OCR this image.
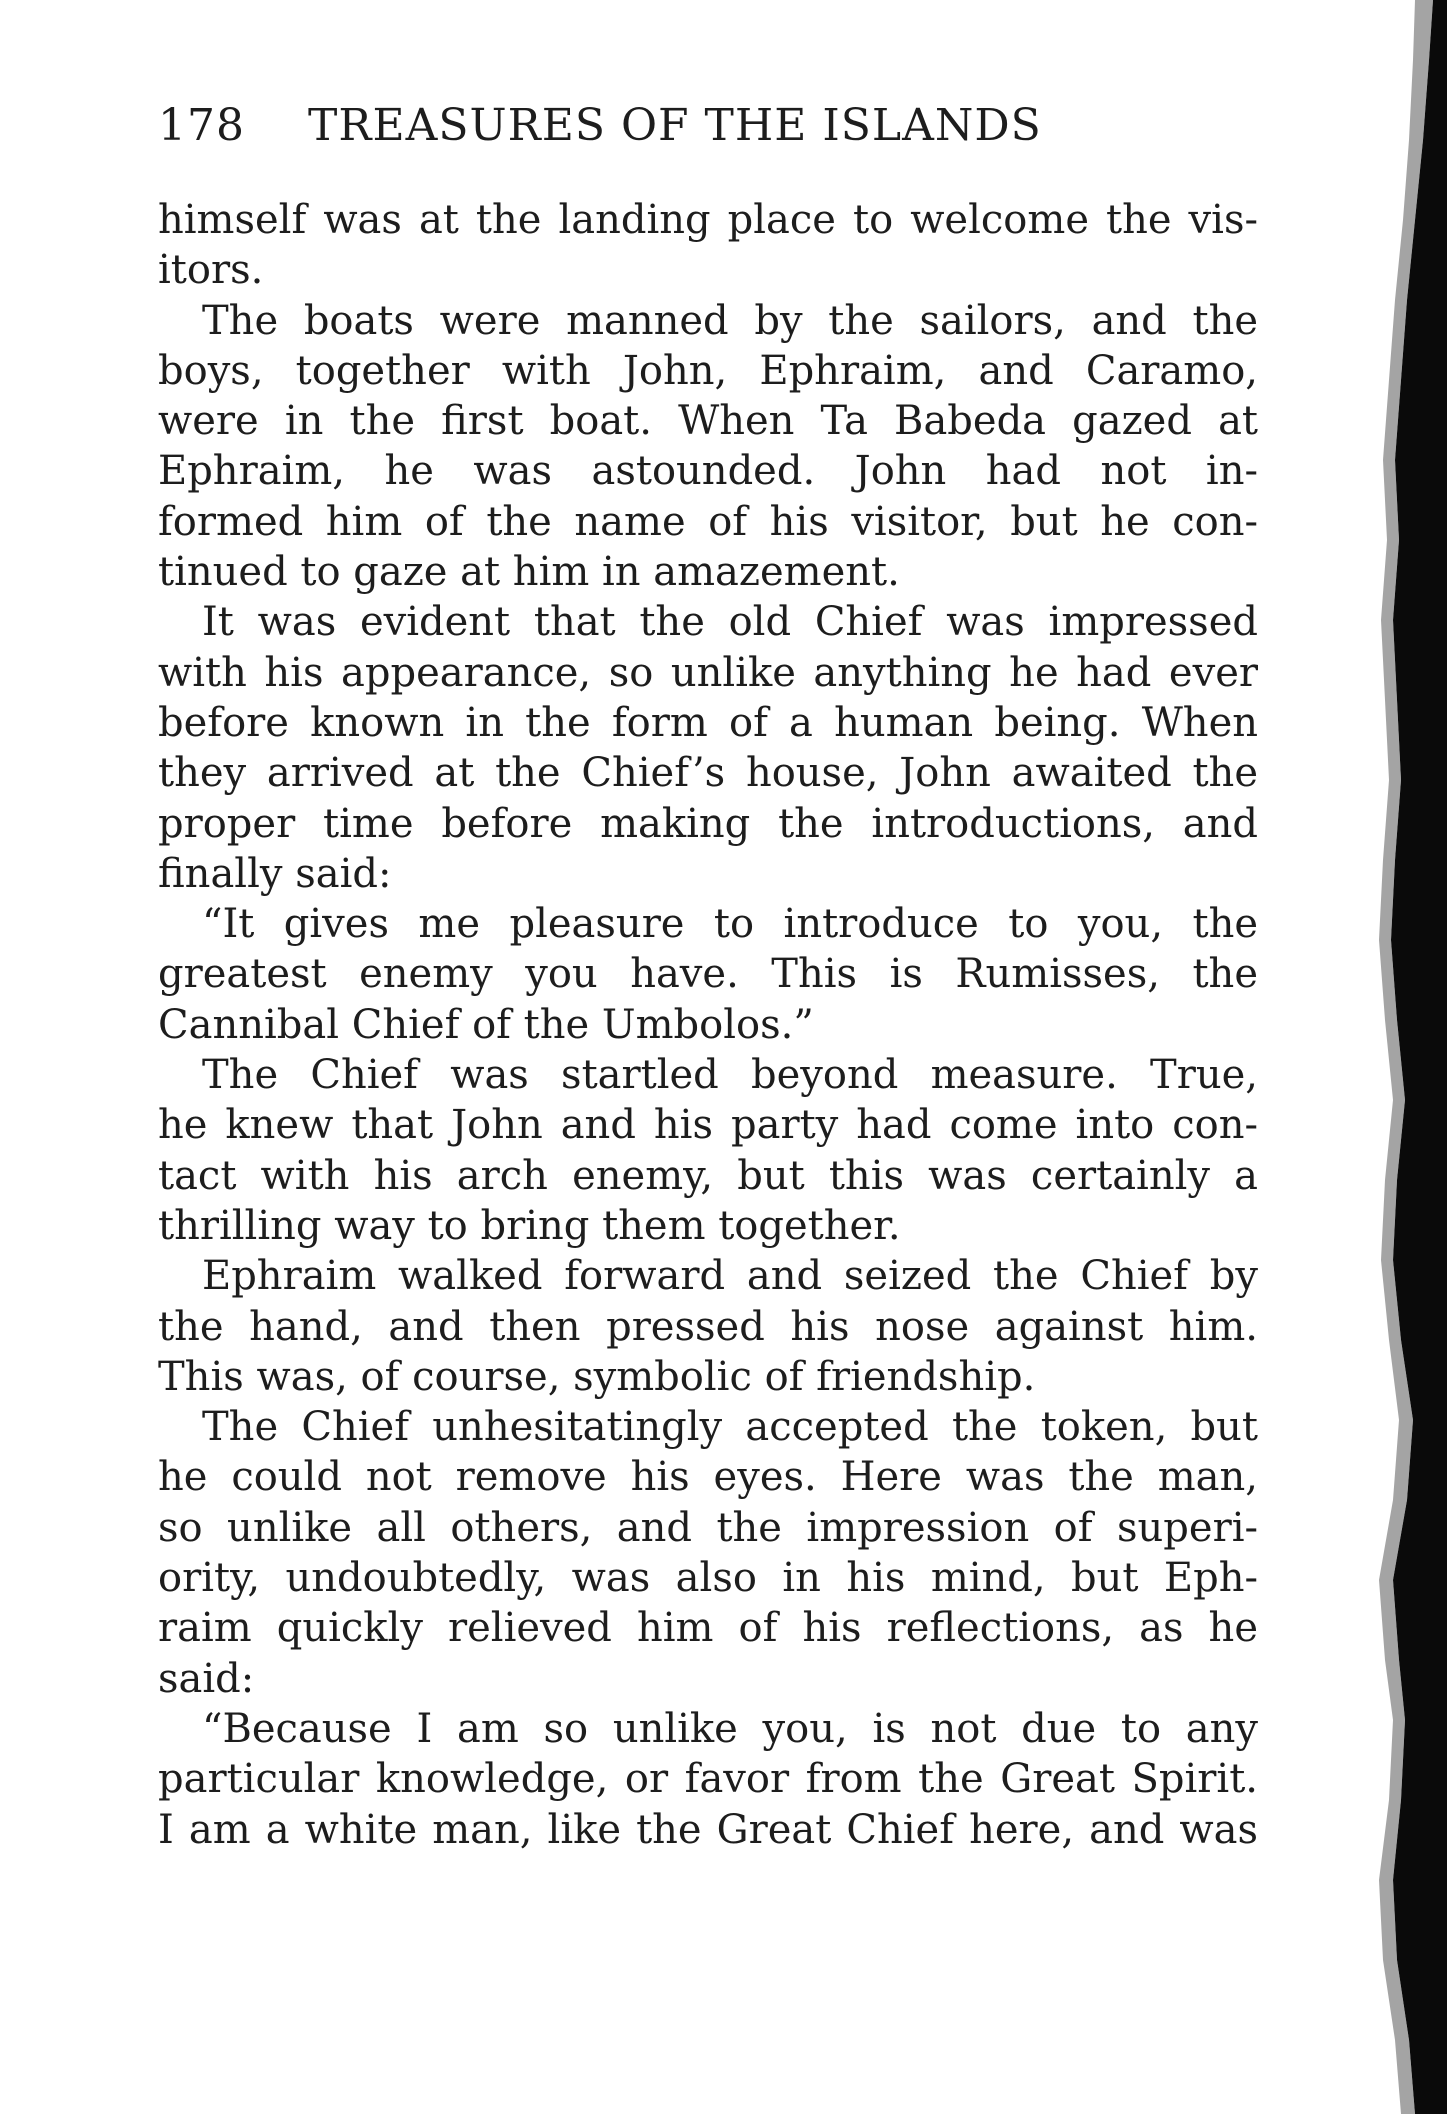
178 TREASURES OF THE ISLANDS
himself was at the landing place to welcome the vis-
itors.
The boats were manned by the sailors, and the
boys, together with John, Ephraim, and Caramo,
were in the first boat. When Ta Babeda gazed at
Ephraim, he was astounded. John had not in-
formed him of the name of his visitor, but he con-
tinued to gaze at him in amazement.
It was evident that the old Chief was impressed
with his appearance, so unlike anything he had ever
before known in the form of a human being. When
they arrived at the Chief’s house, John awaited the
proper time before making the introductions, and
finally said:
“It gives me pleasure to introduce to you, the
greatest enemy you have. This is Rumisses, the
Cannibal Chief of the Umbolos.”
The Chief was startled beyond measure. True,
he knew that John and his party had come into con-
tact with his arch enemy, but this was certainly a
thrilling way to bring them together.
Ephraim walked forward and seized the Chief by
the hand, and then pressed his nose against him.
This was, of course, symbolic of friendship.
The Chief unhesitatingly accepted the token, but
he could not remove his eyes. Here was the man,
so unlike all others, and the impression of superi-
ority, undoubtedly, was also in his mind, but Eph-
raim quickly relieved him of his reflections, as he
said:
“Because I am so unlike you, is not due to any
particular knowledge, or favor from the Great Spirit.
I am a white man, like the Great Chief here, and was
